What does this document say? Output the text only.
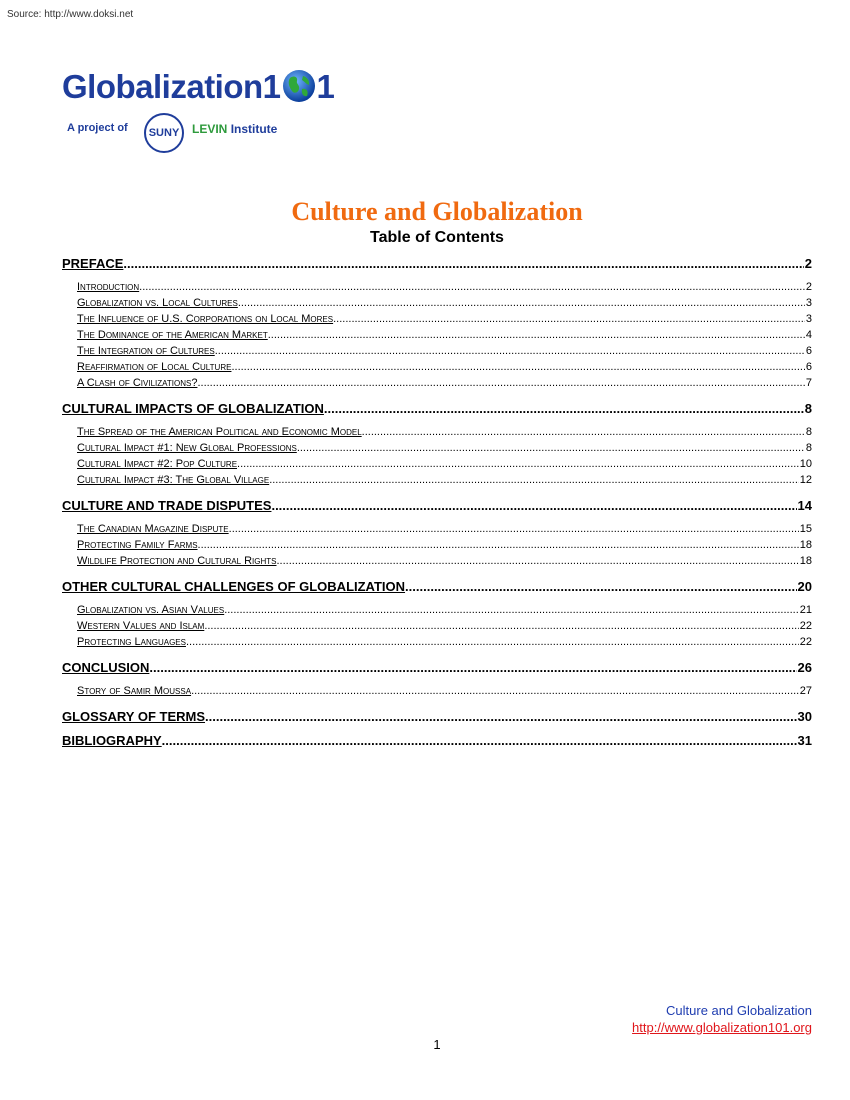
Source: http://www.doksi.net
Globalization1 1
A project of	SUNY	LEVIN Institute
Culture and Globalization
Table of Contents
PREFACE .....	2
Introduction .....	2
Globalization vs. Local Cultures .....	3
The Influence of U.S. Corporations on Local Mores .....	3
The Dominance of the American Market .....	4
The Integration of Cultures .....	6
Reaffirmation of Local Culture .....	6
A Clash of Civilizations? .....	7
CULTURAL IMPACTS OF GLOBALIZATION .....	8
The Spread of the American Political and Economic Model .....	8
Cultural Impact #1: New Global Professions .....	8
Cultural Impact #2: Pop Culture .....	10
Cultural Impact #3: The Global Village .....	12
CULTURE AND TRADE DISPUTES .....	14
The Canadian Magazine Dispute .....	15
Protecting Family Farms .....	18
Wildlife Protection and Cultural Rights .....	18
OTHER CULTURAL CHALLENGES OF GLOBALIZATION .....	20
Globalization vs. Asian Values .....	21
Western Values and Islam .....	22
Protecting Languages .....	22
CONCLUSION .....	26
Story of Samir Moussa .....	27
GLOSSARY OF TERMS .....	30
BIBLIOGRAPHY .....	31
Culture and Globalization
http://www.globalization101.org
1
